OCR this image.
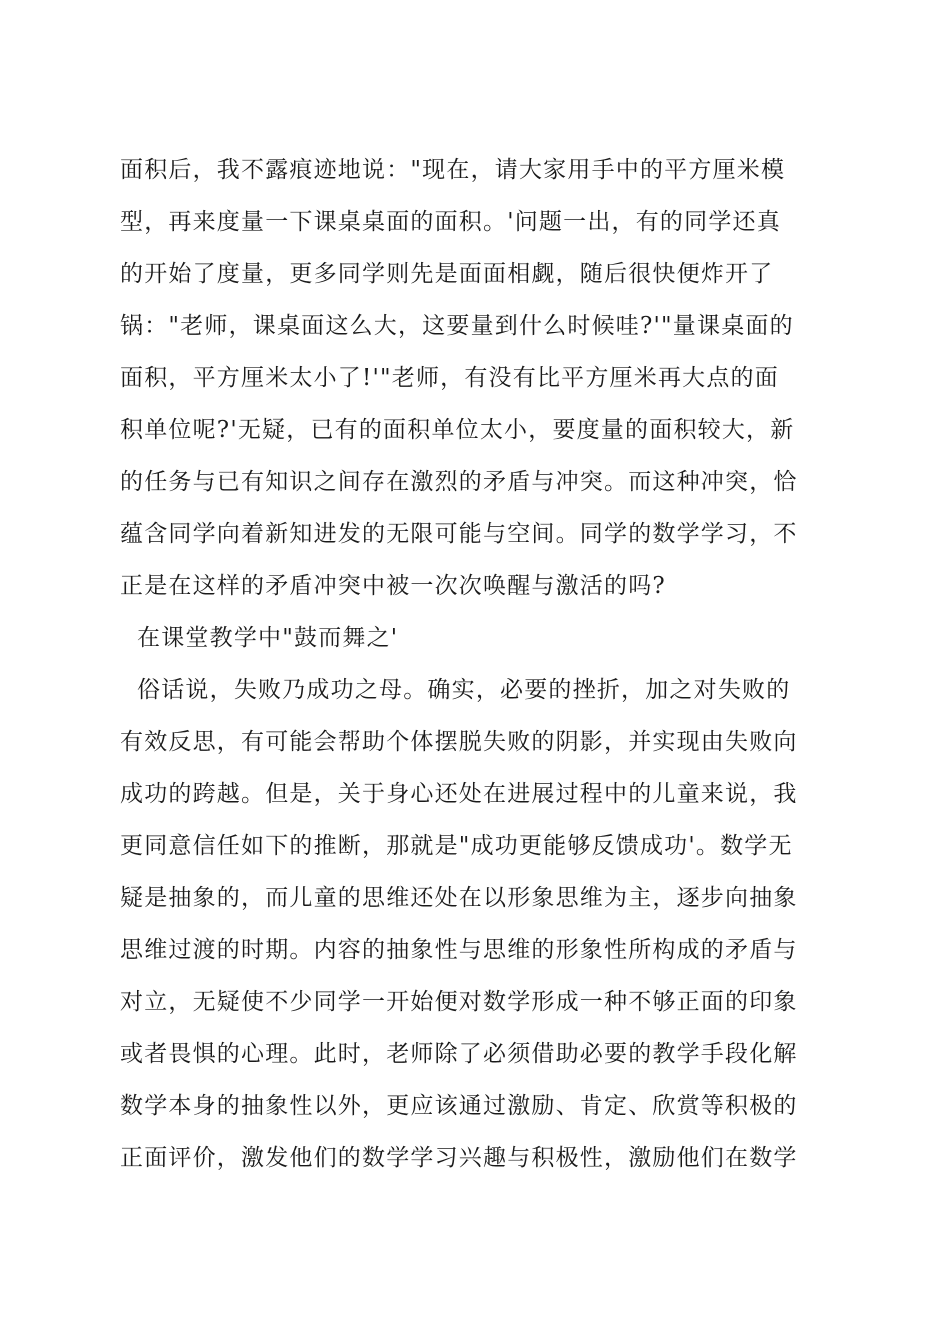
面积后，我不露痕迹地说："现在，请大家用手中的平方厘米模
型，再来度量一下课桌桌面的面积。'问题一出，有的同学还真
的开始了度量，更多同学则先是面面相觑，随后很快便炸开了
锅："老师，课桌面这么大，这要量到什么时候哇?'"量课桌面的
面积，平方厘米太小了!'"老师，有没有比平方厘米再大点的面
积单位呢?'无疑，已有的面积单位太小，要度量的面积较大，新
的任务与已有知识之间存在激烈的矛盾与冲突。而这种冲突，恰
蕴含同学向着新知进发的无限可能与空间。同学的数学学习，不
正是在这样的矛盾冲突中被一次次唤醒与激活的吗?
在课堂教学中"鼓而舞之'
俗话说，失败乃成功之母。确实，必要的挫折，加之对失败的
有效反思，有可能会帮助个体摆脱失败的阴影，并实现由失败向
成功的跨越。但是，关于身心还处在进展过程中的儿童来说，我
更同意信任如下的推断，那就是"成功更能够反馈成功'。数学无
疑是抽象的，而儿童的思维还处在以形象思维为主，逐步向抽象
思维过渡的时期。内容的抽象性与思维的形象性所构成的矛盾与
对立，无疑使不少同学一开始便对数学形成一种不够正面的印象
或者畏惧的心理。此时，老师除了必须借助必要的教学手段化解
数学本身的抽象性以外，更应该通过激励、肯定、欣赏等积极的
正面评价，激发他们的数学学习兴趣与积极性，激励他们在数学
